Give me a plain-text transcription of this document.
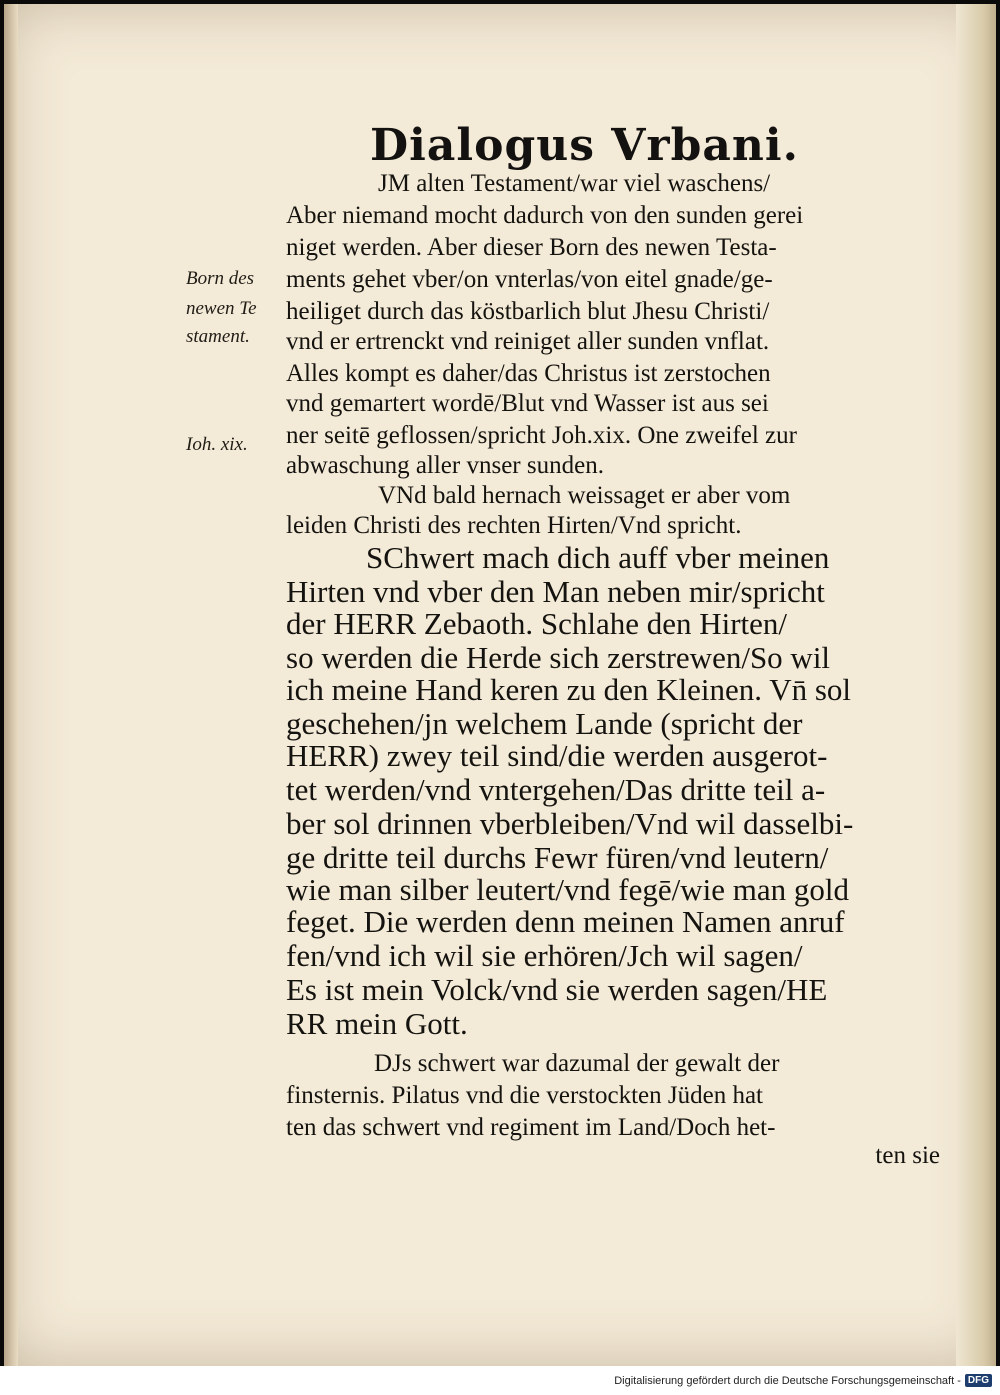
Dialogus Vrbani.
Born des
newen Te
stament.
Ioh. xix.
JM alten Testament/war viel waschens/
Aber niemand mocht dadurch von den sunden gerei
niget werden. Aber dieser Born des newen Testa-
ments gehet vber/on vnterlas/von eitel gnade/ge-
heiliget durch das köstbarlich blut Jhesu Christi/
vnd er ertrenckt vnd reiniget aller sunden vnflat.
Alles kompt es daher/das Christus ist zerstochen
vnd gemartert wordē/Blut vnd Wasser ist aus sei
ner seitē geflossen/spricht Joh.xix. One zweifel zur
abwaschung aller vnser sunden.
VNd bald hernach weissaget er aber vom
leiden Christi des rechten Hirten/Vnd spricht.
SChwert mach dich auff vber meinen
Hirten vnd vber den Man neben mir/spricht
der HERR Zebaoth. Schlahe den Hirten/
so werden die Herde sich zerstrewen/So wil
ich meine Hand keren zu den Kleinen. Vn̄ sol
geschehen/jn welchem Lande (spricht der
HERR) zwey teil sind/die werden ausgerot-
tet werden/vnd vntergehen/Das dritte teil a-
ber sol drinnen vberbleiben/Vnd wil dasselbi-
ge dritte teil durchs Fewr füren/vnd leutern/
wie man silber leutert/vnd fegē/wie man gold
feget. Die werden denn meinen Namen anruf
fen/vnd ich wil sie erhören/Jch wil sagen/
Es ist mein Volck/vnd sie werden sagen/HE
RR mein Gott.
DJs schwert war dazumal der gewalt der
finsternis. Pilatus vnd die verstockten Jüden hat
ten das schwert vnd regiment im Land/Doch het-
ten sie
Digitalisierung gefördert durch die Deutsche Forschungsgemeinschaft - DFG
